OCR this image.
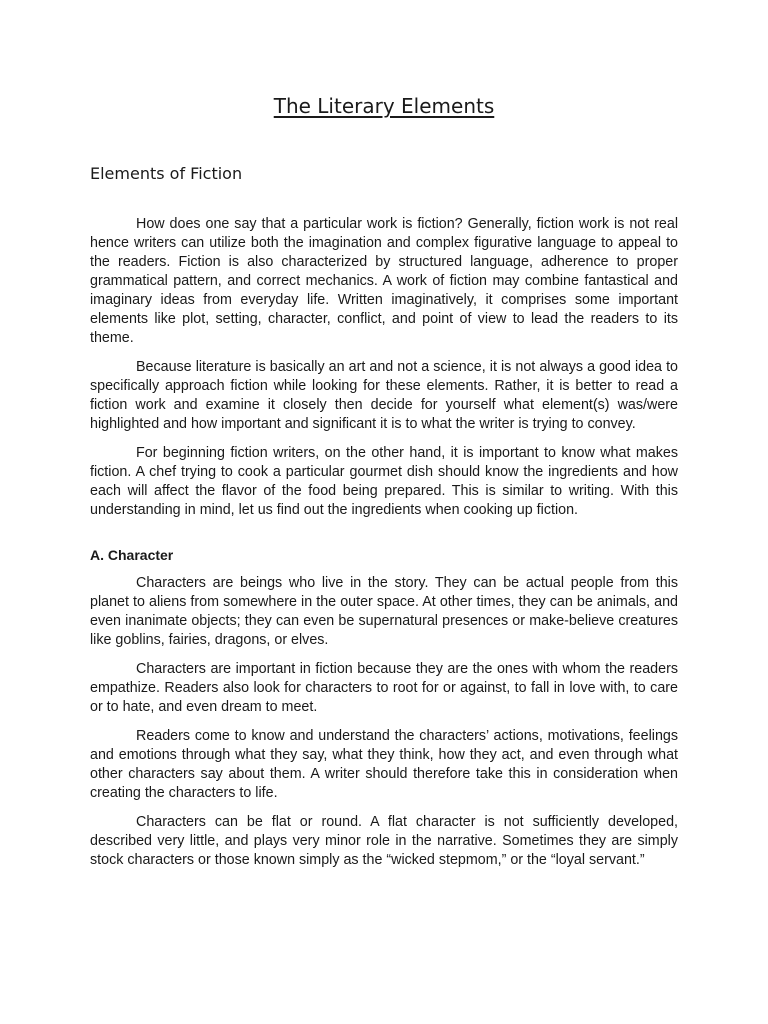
The Literary Elements
Elements of Fiction

How does one say that a particular work is fiction? Generally, fiction work is not real hence writers can utilize both the imagination and complex figurative language to appeal to the readers. Fiction is also characterized by structured language, adherence to proper grammatical pattern, and correct mechanics. A work of fiction may combine fantastical and imaginary ideas from everyday life. Written imaginatively, it comprises some important elements like plot, setting, character, conflict, and point of view to lead the readers to its theme.

Because literature is basically an art and not a science, it is not always a good idea to specifically approach fiction while looking for these elements. Rather, it is better to read a fiction work and examine it closely then decide for yourself what element(s) was/were highlighted and how important and significant it is to what the writer is trying to convey.

For beginning fiction writers, on the other hand, it is important to know what makes fiction. A chef trying to cook a particular gourmet dish should know the ingredients and how each will affect the flavor of the food being prepared. This is similar to writing. With this understanding in mind, let us find out the ingredients when cooking up fiction.

A. Character

Characters are beings who live in the story. They can be actual people from this planet to aliens from somewhere in the outer space. At other times, they can be animals, and even inanimate objects; they can even be supernatural presences or make-believe creatures like goblins, fairies, dragons, or elves.

Characters are important in fiction because they are the ones with whom the readers empathize. Readers also look for characters to root for or against, to fall in love with, to care or to hate, and even dream to meet.

Readers come to know and understand the characters’ actions, motivations, feelings and emotions through what they say, what they think, how they act, and even through what other characters say about them. A writer should therefore take this in consideration when creating the characters to life.

Characters can be flat or round. A flat character is not sufficiently developed, described very little, and plays very minor role in the narrative. Sometimes they are simply stock characters or those known simply as the “wicked stepmom,” or the “loyal servant.”
